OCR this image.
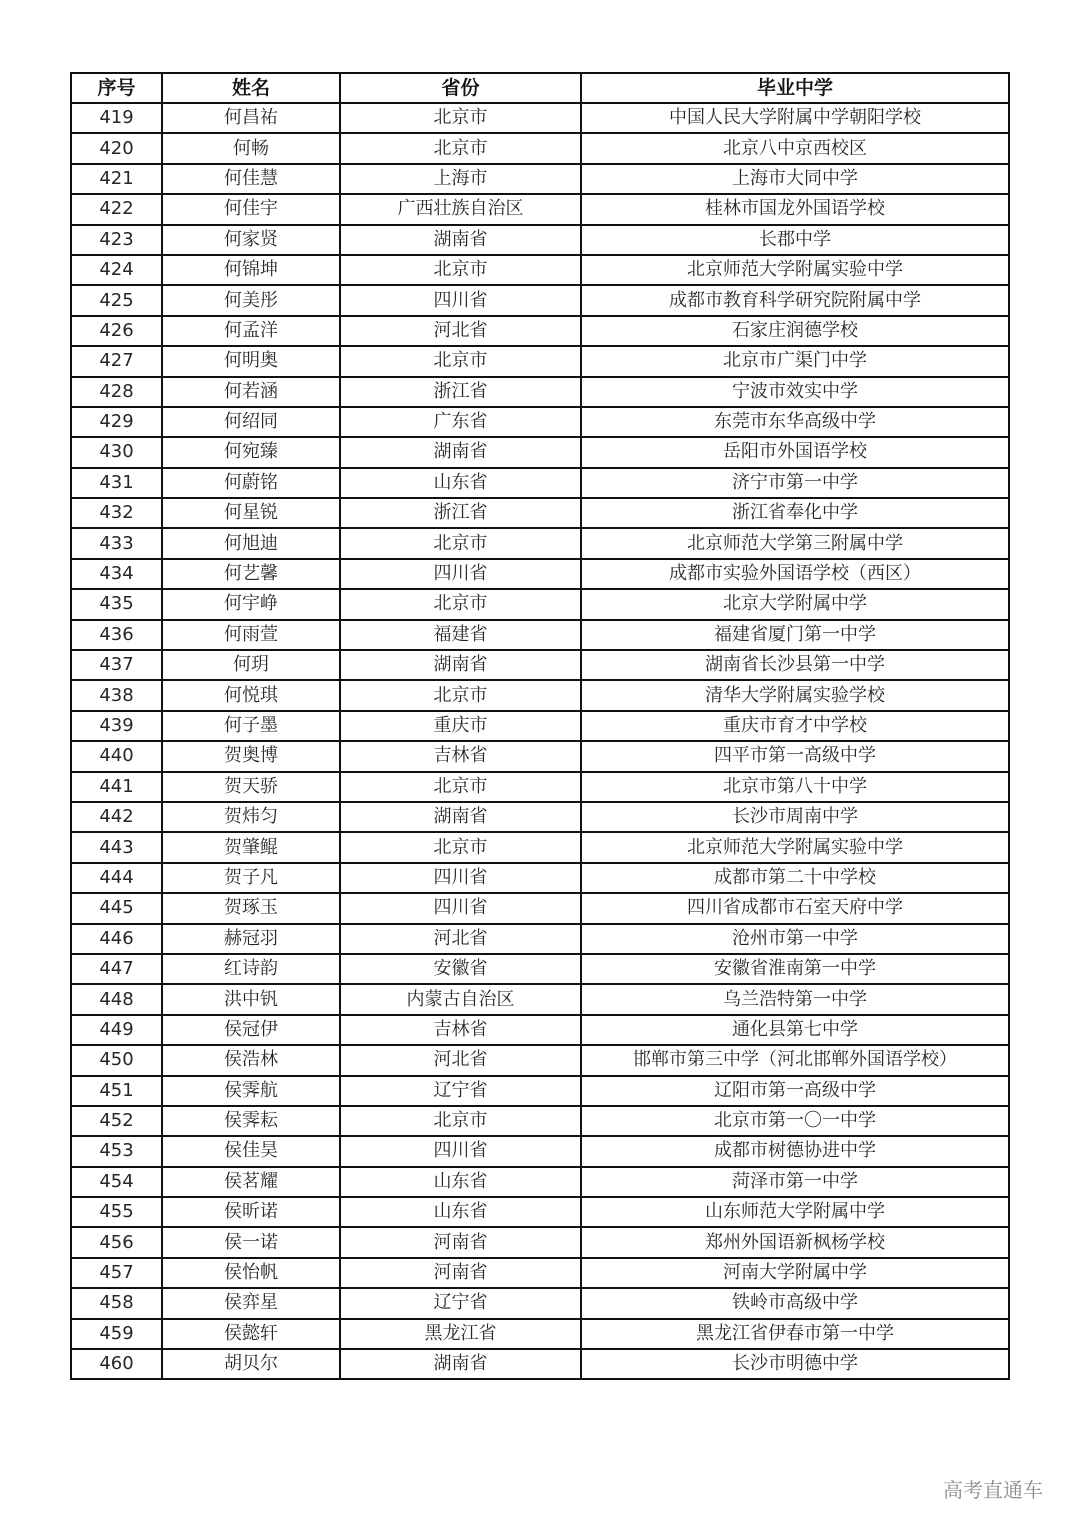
序号	姓名	省份	毕业中学
419	何昌祐	北京市	中国人民大学附属中学朝阳学校
420	何畅	北京市	北京八中京西校区
421	何佳慧	上海市	上海市大同中学
422	何佳宇	广西壮族自治区	桂林市国龙外国语学校
423	何家贤	湖南省	长郡中学
424	何锦坤	北京市	北京师范大学附属实验中学
425	何美彤	四川省	成都市教育科学研究院附属中学
426	何孟洋	河北省	石家庄润德学校
427	何明奥	北京市	北京市广渠门中学
428	何若涵	浙江省	宁波市效实中学
429	何绍同	广东省	东莞市东华高级中学
430	何宛臻	湖南省	岳阳市外国语学校
431	何蔚铭	山东省	济宁市第一中学
432	何星锐	浙江省	浙江省奉化中学
433	何旭迪	北京市	北京师范大学第三附属中学
434	何艺馨	四川省	成都市实验外国语学校（西区）
435	何宇峥	北京市	北京大学附属中学
436	何雨萱	福建省	福建省厦门第一中学
437	何玥	湖南省	湖南省长沙县第一中学
438	何悦琪	北京市	清华大学附属实验学校
439	何子墨	重庆市	重庆市育才中学校
440	贺奥博	吉林省	四平市第一高级中学
441	贺天骄	北京市	北京市第八十中学
442	贺炜匀	湖南省	长沙市周南中学
443	贺肇鲲	北京市	北京师范大学附属实验中学
444	贺子凡	四川省	成都市第二十中学校
445	贺琢玉	四川省	四川省成都市石室天府中学
446	赫冠羽	河北省	沧州市第一中学
447	红诗韵	安徽省	安徽省淮南第一中学
448	洪中钒	内蒙古自治区	乌兰浩特第一中学
449	侯冠伊	吉林省	通化县第七中学
450	侯浩林	河北省	邯郸市第三中学（河北邯郸外国语学校）
451	侯霁航	辽宁省	辽阳市第一高级中学
452	侯霁耘	北京市	北京市第一〇一中学
453	侯佳昊	四川省	成都市树德协进中学
454	侯茗耀	山东省	菏泽市第一中学
455	侯昕诺	山东省	山东师范大学附属中学
456	侯一诺	河南省	郑州外国语新枫杨学校
457	侯怡帆	河南省	河南大学附属中学
458	侯弈星	辽宁省	铁岭市高级中学
459	侯懿轩	黑龙江省	黑龙江省伊春市第一中学
460	胡贝尔	湖南省	长沙市明德中学
高考直通车
